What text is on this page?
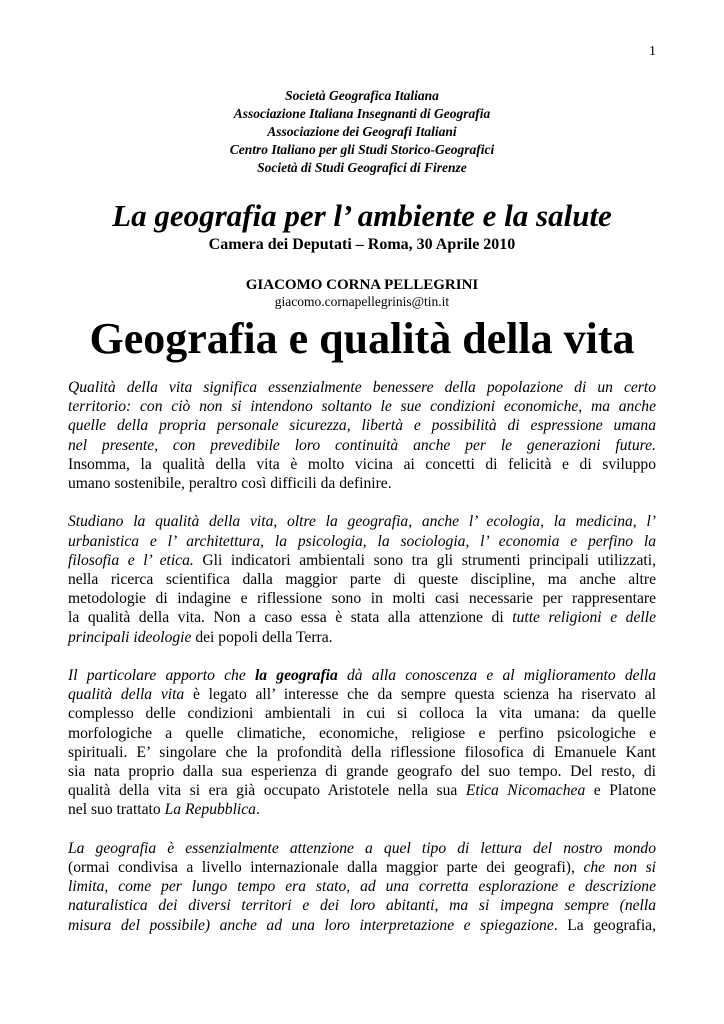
1
Società Geografica Italiana
Associazione Italiana Insegnanti di Geografia
Associazione dei Geografi Italiani
Centro Italiano per gli Studi Storico-Geografici
Società di Studi Geografici di Firenze
La geografia per l’ ambiente e la salute
Camera dei Deputati – Roma, 30 Aprile 2010
GIACOMO CORNA PELLEGRINI
giacomo.cornapellegrinis@tin.it
Geografia e qualità della vita

Qualità della vita significa essenzialmente benessere della popolazione di un certo
territorio: con ciò non si intendono soltanto le sue condizioni economiche, ma anche
quelle della propria personale sicurezza, libertà e possibilità di espressione umana
nel presente, con prevedibile loro continuità anche per le generazioni future.
Insomma, la qualità della vita è molto vicina ai concetti di felicità e di sviluppo
umano sostenibile, peraltro così difficili da definire.

Studiano la qualità della vita, oltre la geografia, anche l’ ecologia, la medicina, l’
urbanistica e l’ architettura, la psicologia, la sociologia, l’ economia e perfino la
filosofia e l’ etica. Gli indicatori ambientali sono tra gli strumenti principali utilizzati,
nella ricerca scientifica dalla maggior parte di queste discipline, ma anche altre
metodologie di indagine e riflessione sono in molti casi necessarie per rappresentare
la qualità della vita. Non a caso essa è stata alla attenzione di tutte religioni e delle
principali ideologie dei popoli della Terra.

Il particolare apporto che la geografia dà alla conoscenza e al miglioramento della
qualità della vita è legato all’ interesse che da sempre questa scienza ha riservato al
complesso delle condizioni ambientali in cui si colloca la vita umana: da quelle
morfologiche a quelle climatiche, economiche, religiose e perfino psicologiche e
spirituali. E’ singolare che la profondità della riflessione filosofica di Emanuele Kant
sia nata proprio dalla sua esperienza di grande geografo del suo tempo. Del resto, di
qualità della vita si era già occupato Aristotele nella sua Etica Nicomachea e Platone
nel suo trattato La Repubblica.

La geografia è essenzialmente attenzione a quel tipo di lettura del nostro mondo
(ormai condivisa a livello internazionale dalla maggior parte dei geografi), che non si
limita, come per lungo tempo era stato, ad una corretta esplorazione e descrizione
naturalistica dei diversi territori e dei loro abitanti, ma si impegna sempre (nella
misura del possibile) anche ad una loro interpretazione e spiegazione. La geografia,
